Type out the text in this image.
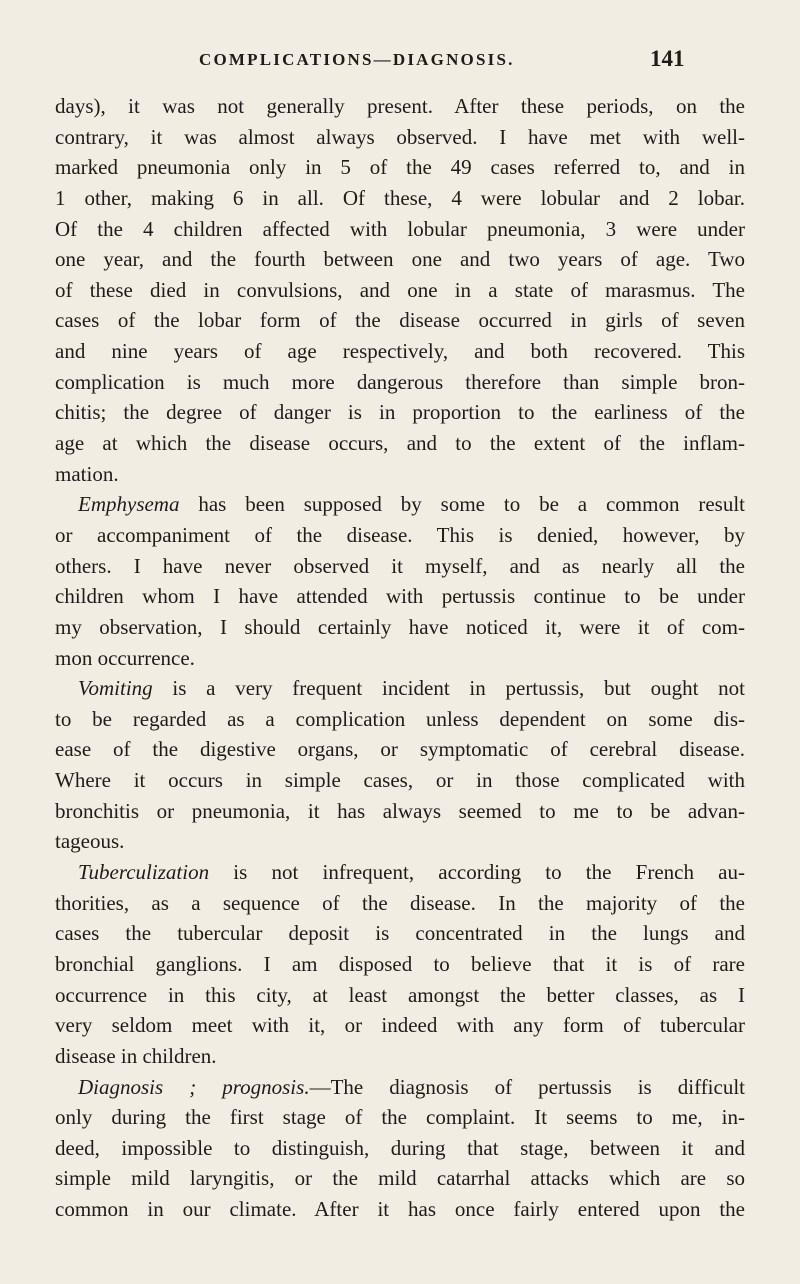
COMPLICATIONS—DIAGNOSIS.	141
days), it was not generally present. After these periods, on the
contrary, it was almost always observed. I have met with well-
marked pneumonia only in 5 of the 49 cases referred to, and in
1 other, making 6 in all. Of these, 4 were lobular and 2 lobar.
Of the 4 children affected with lobular pneumonia, 3 were under
one year, and the fourth between one and two years of age. Two
of these died in convulsions, and one in a state of marasmus. The
cases of the lobar form of the disease occurred in girls of seven
and nine years of age respectively, and both recovered. This
complication is much more dangerous therefore than simple bron-
chitis; the degree of danger is in proportion to the earliness of the
age at which the disease occurs, and to the extent of the inflam-
mation.
Emphysema has been supposed by some to be a common result
or accompaniment of the disease. This is denied, however, by
others. I have never observed it myself, and as nearly all the
children whom I have attended with pertussis continue to be under
my observation, I should certainly have noticed it, were it of com-
mon occurrence.
Vomiting is a very frequent incident in pertussis, but ought not
to be regarded as a complication unless dependent on some dis-
ease of the digestive organs, or symptomatic of cerebral disease.
Where it occurs in simple cases, or in those complicated with
bronchitis or pneumonia, it has always seemed to me to be advan-
tageous.
Tuberculization is not infrequent, according to the French au-
thorities, as a sequence of the disease. In the majority of the
cases the tubercular deposit is concentrated in the lungs and
bronchial ganglions. I am disposed to believe that it is of rare
occurrence in this city, at least amongst the better classes, as I
very seldom meet with it, or indeed with any form of tubercular
disease in children.
Diagnosis ; prognosis.—The diagnosis of pertussis is difficult
only during the first stage of the complaint. It seems to me, in-
deed, impossible to distinguish, during that stage, between it and
simple mild laryngitis, or the mild catarrhal attacks which are so
common in our climate. After it has once fairly entered upon the
